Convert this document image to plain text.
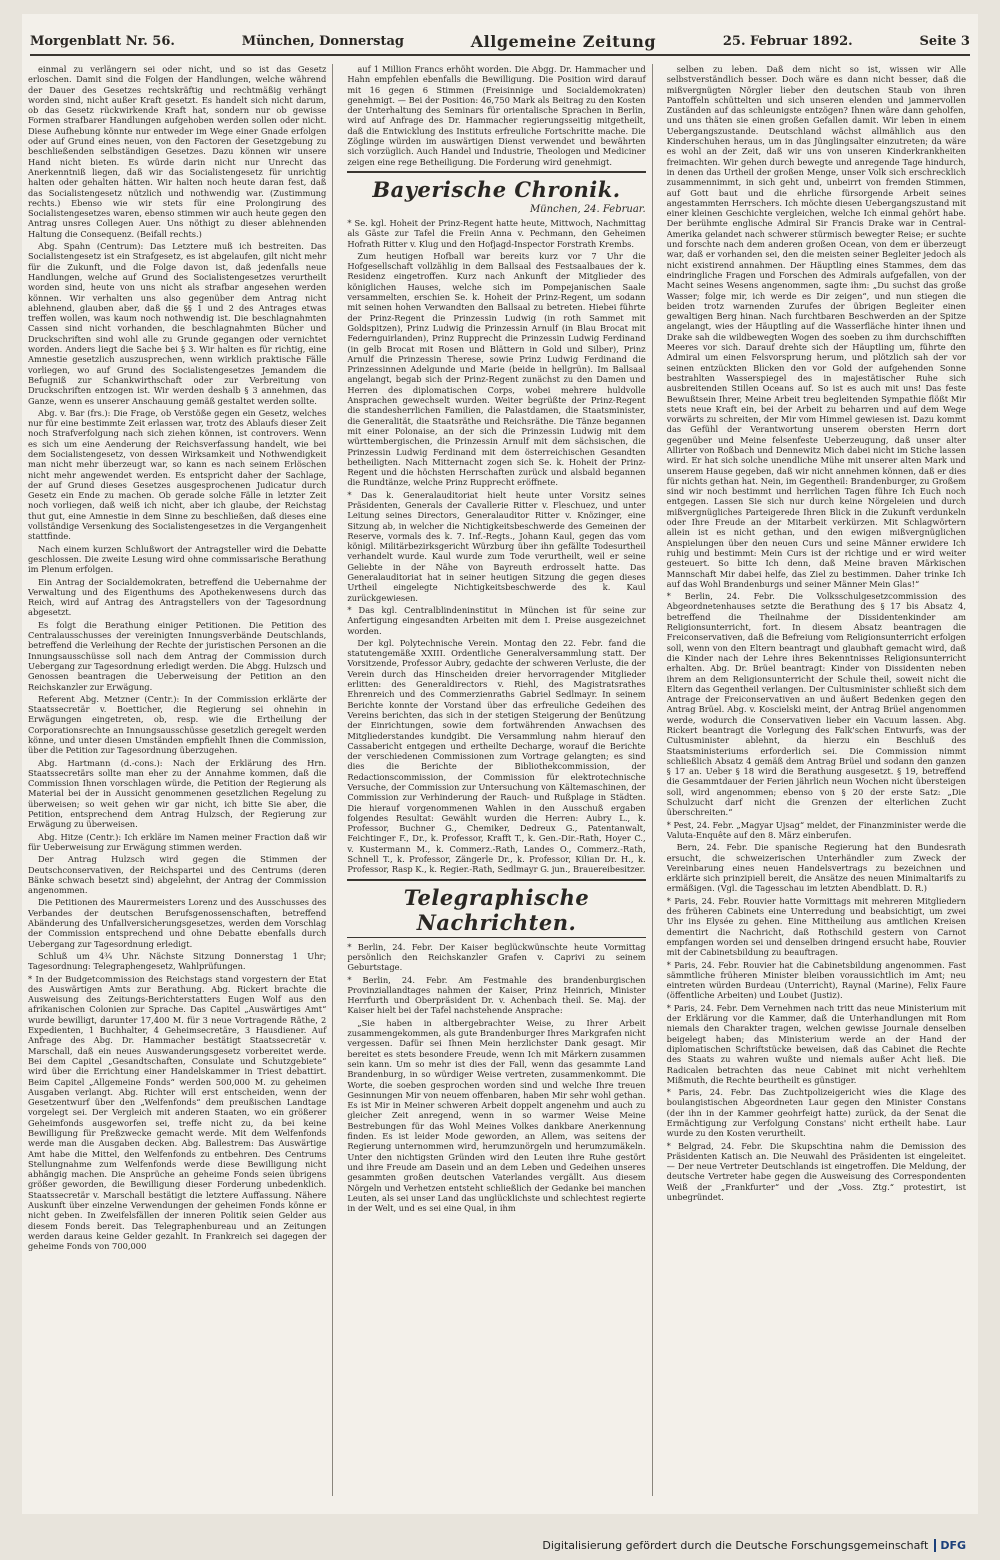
Morgenblatt Nr. 56.	München, Donnerstag	Allgemeine Zeitung	25. Februar 1892.	Seite 3

einmal zu verlängern sei oder nicht, und so ist das Gesetz erloschen. Damit sind die Folgen der Handlungen, welche während der Dauer des Gesetzes rechtskräftig und rechtmäßig verhängt worden sind, nicht außer Kraft gesetzt. Es handelt sich nicht darum, ob das Gesetz rückwirkende Kraft hat, sondern nur ob gewisse Formen strafbarer Handlungen aufgehoben werden sollen oder nicht. Diese Aufhebung könnte nur entweder im Wege einer Gnade erfolgen oder auf Grund eines neuen, von den Factoren der Gesetzgebung zu beschließenden selbständigen Gesetzes. Dazu können wir unsere Hand nicht bieten. Es würde darin nicht nur Unrecht das Anerkenntniß liegen, daß wir das Socialistengesetz für unrichtig halten oder gehalten hätten. Wir halten noch heute daran fest, daß das Socialistengesetz nützlich und nothwendig war. (Zustimmung rechts.) Ebenso wie wir stets für eine Prolongirung des Socialistengesetzes waren, ebenso stimmen wir auch heute gegen den Antrag unsres Collegen Auer. Uns nöthigt zu dieser ablehnenden Haltung die Consequenz. (Beifall rechts.)

Abg. Spahn (Centrum): Das Letztere muß ich bestreiten. Das Socialistengesetz ist ein Strafgesetz, es ist abgelaufen, gilt nicht mehr für die Zukunft, und die Folge davon ist, daß jedenfalls neue Handlungen, welche auf Grund des Socialistengesetzes verurtheilt worden sind, heute von uns nicht als strafbar angesehen werden können. Wir verhalten uns also gegenüber dem Antrag nicht ablehnend, glauben aber, daß die §§ 1 und 2 des Antrages etwas treffen wollen, was kaum noch nothwendig ist. Die beschlagnahmten Cassen sind nicht vorhanden, die beschlagnahmten Bücher und Druckschriften sind wohl alle zu Grunde gegangen oder vernichtet worden. Anders liegt die Sache bei § 3. Wir halten es für richtig, eine Amnestie gesetzlich auszusprechen, wenn wirklich praktische Fälle vorliegen, wo auf Grund des Socialistengesetzes Jemandem die Befugniß zur Schankwirthschaft oder zur Verbreitung von Druckschriften entzogen ist. Wir werden deshalb § 3 annehmen, das Ganze, wenn es unserer Anschauung gemäß gestaltet werden sollte.

Abg. v. Bar (frs.): Die Frage, ob Verstöße gegen ein Gesetz, welches nur für eine bestimmte Zeit erlassen war, trotz des Ablaufs dieser Zeit noch Strafverfolgung nach sich ziehen können, ist controvers. Wenn es sich um eine Aenderung der Reichsverfassung handelt, wie bei dem Socialistengesetz, von dessen Wirksamkeit und Nothwendigkeit man nicht mehr überzeugt war, so kann es nach seinem Erlöschen nicht mehr angewendet werden. Es entspricht daher der Sachlage, der auf Grund dieses Gesetzes ausgesprochenen Judicatur durch Gesetz ein Ende zu machen. Ob gerade solche Fälle in letzter Zeit noch vorliegen, daß weiß ich nicht, aber ich glaube, der Reichstag thut gut, eine Amnestie in dem Sinne zu beschließen, daß dieses eine vollständige Versenkung des Socialistengesetzes in die Vergangenheit stattfinde.

Nach einem kurzen Schlußwort der Antragsteller wird die Debatte geschlossen. Die zweite Lesung wird ohne commissarische Berathung im Plenum erfolgen.

Ein Antrag der Socialdemokraten, betreffend die Uebernahme der Verwaltung und des Eigenthums des Apothekenwesens durch das Reich, wird auf Antrag des Antragstellers von der Tagesordnung abgesetzt.

Es folgt die Berathung einiger Petitionen. Die Petition des Centralausschusses der vereinigten Innungsverbände Deutschlands, betreffend die Verleihung der Rechte der juristischen Personen an die Innungsausschüsse soll nach dem Antrag der Commission durch Uebergang zur Tagesordnung erledigt werden. Die Abgg. Hulzsch und Genossen beantragen die Ueberweisung der Petition an den Reichskanzler zur Erwägung.

Referent Abg. Metzner (Centr.): In der Commission erklärte der Staatssecretär v. Boetticher, die Regierung sei ohnehin in Erwägungen eingetreten, ob, resp. wie die Ertheilung der Corporationsrechte an Innungsausschüsse gesetzlich geregelt werden könne, und unter diesen Umständen empfiehlt Ihnen die Commission, über die Petition zur Tagesordnung überzugehen.

Abg. Hartmann (d.-cons.): Nach der Erklärung des Hrn. Staatssecretärs sollte man eher zu der Annahme kommen, daß die Commission Ihnen vorschlagen würde, die Petition der Regierung als Material bei der in Aussicht genommenen gesetzlichen Regelung zu überweisen; so weit gehen wir gar nicht, ich bitte Sie aber, die Petition, entsprechend dem Antrag Hulzsch, der Regierung zur Erwägung zu überweisen.

Abg. Hitze (Centr.): Ich erkläre im Namen meiner Fraction daß wir für Ueberweisung zur Erwägung stimmen werden.

Der Antrag Hulzsch wird gegen die Stimmen der Deutschconservativen, der Reichspartei und des Centrums (deren Bänke schwach besetzt sind) abgelehnt, der Antrag der Commission angenommen.

Die Petitionen des Maurermeisters Lorenz und des Ausschusses des Verbandes der deutschen Berufsgenossenschaften, betreffend Abänderung des Unfallversicherungsgesetzes, werden dem Vorschlag der Commission entsprechend und ohne Debatte ebenfalls durch Uebergang zur Tagesordnung erledigt.

Schluß um 4¾ Uhr. Nächste Sitzung Donnerstag 1 Uhr; Tagesordnung: Telegraphengesetz, Wahlprüfungen.

* In der Budgetcommission des Reichstags stand vorgestern der Etat des Auswärtigen Amts zur Berathung. Abg. Rickert brachte die Ausweisung des Zeitungs-Berichterstatters Eugen Wolf aus den afrikanischen Colonien zur Sprache. Das Capitel „Auswärtiges Amt“ wurde bewilligt, darunter 17,400 M. für 3 neue Vortragende Räthe, 2 Expedienten, 1 Buchhalter, 4 Geheimsecretäre, 3 Hausdiener. Auf Anfrage des Abg. Dr. Hammacher bestätigt Staatssecretär v. Marschall, daß ein neues Auswanderungsgesetz vorbereitet werde. Bei dem Capitel „Gesandtschaften, Consulate und Schutzgebiete“ wird über die Errichtung einer Handelskammer in Triest debattirt. Beim Capitel „Allgemeine Fonds“ werden 500,000 M. zu geheimen Ausgaben verlangt. Abg. Richter will erst entscheiden, wenn der Gesetzentwurf über den „Welfenfonds“ dem preußischen Landtage vorgelegt sei. Der Vergleich mit anderen Staaten, wo ein größerer Geheimfonds ausgeworfen sei, treffe nicht zu, da bei keine Bewilligung für Preßzwecke gemacht werde. Mit dem Welfenfonds werde man die Ausgaben decken. Abg. Ballestrem: Das Auswärtige Amt habe die Mittel, den Welfenfonds zu entbehren. Des Centrums Stellungnahme zum Welfenfonds werde diese Bewilligung nicht abhängig machen. Die Ansprüche an geheime Fonds seien übrigens größer geworden, die Bewilligung dieser Forderung unbedenklich. Staatssecretär v. Marschall bestätigt die letztere Auffassung. Nähere Auskunft über einzelne Verwendungen der geheimen Fonds könne er nicht geben. In Zweifelsfällen der inneren Politik seien Gelder aus diesem Fonds bereit. Das Telegraphenbureau und an Zeitungen werden daraus keine Gelder gezahlt. In Frankreich sei dagegen der geheime Fonds von 700,000

auf 1 Million Francs erhöht worden. Die Abgg. Dr. Hammacher und Hahn empfehlen ebenfalls die Bewilligung. Die Position wird darauf mit 16 gegen 6 Stimmen (Freisinnige und Socialdemokraten) genehmigt. — Bei der Position: 46,750 Mark als Beitrag zu den Kosten der Unterhaltung des Seminars für orientalische Sprachen in Berlin, wird auf Anfrage des Dr. Hammacher regierungsseitig mitgetheilt, daß die Entwicklung des Instituts erfreuliche Fortschritte mache. Die Zöglinge würden im auswärtigen Dienst verwendet und bewährten sich vorzüglich. Auch Handel und Industrie, Theologen und Mediciner zeigen eine rege Betheiligung. Die Forderung wird genehmigt.

Bayerische Chronik.
München, 24. Februar.

* Se. kgl. Hoheit der Prinz-Regent hatte heute, Mittwoch, Nachmittag als Gäste zur Tafel die Freiin Anna v. Pechmann, den Geheimen Hofrath Ritter v. Klug und den Hofjagd-Inspector Forstrath Krembs.

Zum heutigen Hofball war bereits kurz vor 7 Uhr die Hofgesellschaft vollzählig in dem Ballsaal des Festsaalbaues der k. Residenz eingetroffen. Kurz nach Ankunft der Mitglieder des königlichen Hauses, welche sich im Pompejanischen Saale versammelten, erschien Se. k. Hoheit der Prinz-Regent, um sodann mit seinen hohen Verwandten den Ballsaal zu betreten. Hiebei führte der Prinz-Regent die Prinzessin Ludwig (in roth Sammet mit Goldspitzen), Prinz Ludwig die Prinzessin Arnulf (in Blau Brocat mit Federnguirlanden), Prinz Rupprecht die Prinzessin Ludwig Ferdinand (in gelb Brocat mit Rosen und Blättern in Gold und Silber), Prinz Arnulf die Prinzessin Therese, sowie Prinz Ludwig Ferdinand die Prinzessinnen Adelgunde und Marie (beide in hellgrün). Im Ballsaal angelangt, begab sich der Prinz-Regent zunächst zu den Damen und Herren des diplomatischen Corps, wobei mehrere huldvolle Ansprachen gewechselt wurden. Weiter begrüßte der Prinz-Regent die standesherrlichen Familien, die Palastdamen, die Staatsminister, die Generalität, die Staatsräthe und Reichsräthe. Die Tänze begannen mit einer Polonaise, an der sich die Prinzessin Ludwig mit dem württembergischen, die Prinzessin Arnulf mit dem sächsischen, die Prinzessin Ludwig Ferdinand mit dem österreichischen Gesandten betheiligten. Nach Mitternacht zogen sich Se. k. Hoheit der Prinz-Regent und die höchsten Herrschaften zurück und alsbald begannen die Rundtänze, welche Prinz Rupprecht eröffnete.

* Das k. Generalauditoriat hielt heute unter Vorsitz seines Präsidenten, Generals der Cavallerie Ritter v. Fleschuez, und unter Leitung seines Directors, Generalauditor Ritter v. Knözinger, eine Sitzung ab, in welcher die Nichtigkeitsbeschwerde des Gemeinen der Reserve, vormals des k. 7. Inf.-Regts., Johann Kaul, gegen das vom königl. Militärbezirksgericht Würzburg über ihn gefällte Todesurtheil verhandelt wurde. Kaul wurde zum Tode verurtheilt, weil er seine Geliebte in der Nähe von Bayreuth erdrosselt hatte. Das Generalauditoriat hat in seiner heutigen Sitzung die gegen dieses Urtheil eingelegte Nichtigkeitsbeschwerde des k. Kaul zurückgewiesen.

* Das kgl. Centralblindeninstitut in München ist für seine zur Anfertigung eingesandten Arbeiten mit dem I. Preise ausgezeichnet worden.

Der kgl. Polytechnische Verein. Montag den 22. Febr. fand die statutengemäße XXIII. Ordentliche Generalversammlung statt. Der Vorsitzende, Professor Aubry, gedachte der schweren Verluste, die der Verein durch das Hinscheiden dreier hervorragender Mitglieder erlitten: des Generaldirectors v. Riehl, des Magistratsrathes Ehrenreich und des Commerzienraths Gabriel Sedlmayr. In seinem Berichte konnte der Vorstand über das erfreuliche Gedeihen des Vereins berichten, das sich in der stetigen Steigerung der Benützung der Einrichtungen, sowie dem fortwährenden Anwachsen des Mitgliederstandes kundgibt. Die Versammlung nahm hierauf den Cassabericht entgegen und ertheilte Decharge, worauf die Berichte der verschiedenen Commissionen zum Vortrage gelangten; es sind dies die Berichte der Bibliothekcommission, der Redactionscommission, der Commission für elektrotechnische Versuche, der Commission zur Untersuchung von Kältemaschinen, der Commission zur Verhinderung der Rauch- und Rußplage in Städten. Die hierauf vorgenommenen Wahlen in den Ausschuß ergaben folgendes Resultat: Gewählt wurden die Herren: Aubry L., k. Professor, Buchner G., Chemiker, Dedreux G., Patentanwalt, Feichtinger F., Dr., k. Professor, Krafft T., k. Gen.-Dir.-Rath, Hoyer C., v. Kustermann M., k. Commerz.-Rath, Landes O., Commerz.-Rath, Schnell T., k. Professor, Zängerle Dr., k. Professor, Kilian Dr. H., k. Professor, Rasp K., k. Regier.-Rath, Sedlmayr G. jun., Brauereibesitzer.

Telegraphische Nachrichten.

* Berlin, 24. Febr. Der Kaiser beglückwünschte heute Vormittag persönlich den Reichskanzler Grafen v. Caprivi zu seinem Geburtstage.

* Berlin, 24. Febr. Am Festmahle des brandenburgischen Provinziallandtages nahmen der Kaiser, Prinz Heinrich, Minister Herrfurth und Oberpräsident Dr. v. Achenbach theil. Se. Maj. der Kaiser hielt bei der Tafel nachstehende Ansprache:

„Sie haben in altbergebrachter Weise, zu Ihrer Arbeit zusammengekommen, als gute Brandenburger Ihres Markgrafen nicht vergessen. Dafür sei Ihnen Mein herzlichster Dank gesagt. Mir bereitet es stets besondere Freude, wenn Ich mit Märkern zusammen sein kann. Um so mehr ist dies der Fall, wenn das gesammte Land Brandenburg, in so würdiger Weise vertreten, zusammenkommt. Die Worte, die soeben gesprochen worden sind und welche Ihre treuen Gesinnungen Mir von neuem offenbaren, haben Mir sehr wohl gethan. Es ist Mir in Meiner schweren Arbeit doppelt angenehm und auch zu gleicher Zeit anregend, wenn in so warmer Weise Meine Bestrebungen für das Wohl Meines Volkes dankbare Anerkennung finden. Es ist leider Mode geworden, an Allem, was seitens der Regierung unternommen wird, herumzunörgeln und herumzumäkeln. Unter den nichtigsten Gründen wird den Leuten ihre Ruhe gestört und ihre Freude am Dasein und an dem Leben und Gedeihen unseres gesammten großen deutschen Vaterlandes vergällt. Aus diesem Nörgeln und Verhetzen entsteht schließlich der Gedanke bei manchen Leuten, als sei unser Land das unglücklichste und schlechtest regierte in der Welt, und es sei eine Qual, in ihm

selben zu leben. Daß dem nicht so ist, wissen wir Alle selbstverständlich besser. Doch wäre es dann nicht besser, daß die mißvergnügten Nörgler lieber den deutschen Staub von ihren Pantoffeln schüttelten und sich unseren elenden und jammervollen Zuständen auf das schleunigste entzögen? Ihnen wäre dann geholfen, und uns thäten sie einen großen Gefallen damit. Wir leben in einem Uebergangszustande. Deutschland wächst allmählich aus den Kinderschuhen heraus, um in das Jünglingsalter einzutreten; da wäre es wohl an der Zeit, daß wir uns von unseren Kinderkrankheiten freimachten. Wir gehen durch bewegte und anregende Tage hindurch, in denen das Urtheil der großen Menge, unser Volk sich erschrecklich zusammennimmt, in sich geht und, unbeirrt von fremden Stimmen, auf Gott baut und die ehrliche fürsorgende Arbeit seines angestammten Herrschers. Ich möchte diesen Uebergangszustand mit einer kleinen Geschichte vergleichen, welche Ich einmal gehört habe. Der berühmte englische Admiral Sir Francis Drake war in Central-Amerika gelandet nach schwerer stürmisch bewegter Reise; er suchte und forschte nach dem anderen großen Ocean, von dem er überzeugt war, daß er vorhanden sei, den die meisten seiner Begleiter jedoch als nicht existirend annahmen. Der Häuptling eines Stammes, dem das eindringliche Fragen und Forschen des Admirals aufgefallen, von der Macht seines Wesens angenommen, sagte ihm: „Du suchst das große Wasser; folge mir, ich werde es Dir zeigen“, und nun stiegen die beiden trotz warnenden Zurufes der übrigen Begleiter einen gewaltigen Berg hinan. Nach furchtbaren Beschwerden an der Spitze angelangt, wies der Häuptling auf die Wasserfläche hinter ihnen und Drake sah die wildbewegten Wogen des soeben zu ihm durchschifften Meeres vor sich. Darauf drehte sich der Häuptling um, führte den Admiral um einen Felsvorsprung herum, und plötzlich sah der vor seinen entzückten Blicken den vor Gold der aufgehenden Sonne bestrahlten Wasserspiegel des in majestätischer Ruhe sich ausbreitenden Stillen Oceans auf. So ist es auch mit uns! Das feste Bewußtsein Ihrer, Meine Arbeit treu begleitenden Sympathie flößt Mir stets neue Kraft ein, bei der Arbeit zu beharren und auf dem Wege vorwärts zu schreiten, der Mir vom Himmel gewiesen ist. Dazu kommt das Gefühl der Verantwortung unserem obersten Herrn dort gegenüber und Meine felsenfeste Ueberzeugung, daß unser alter Allirter von Roßbach und Dennewitz Mich dabei nicht im Stiche lassen wird. Er hat sich solche unendliche Mühe mit unserer alten Mark und unserem Hause gegeben, daß wir nicht annehmen können, daß er dies für nichts gethan hat. Nein, im Gegentheil: Brandenburger, zu Großem sind wir noch bestimmt und herrlichen Tagen führe Ich Euch noch entgegen. Lassen Sie sich nur durch keine Nörgeleien und durch mißvergnügliches Parteigerede Ihren Blick in die Zukunft verdunkeln oder Ihre Freude an der Mitarbeit verkürzen. Mit Schlagwörtern allein ist es nicht gethan, und den ewigen mißvergnüglichen Anspielungen über den neuen Curs und seine Männer erwidere Ich ruhig und bestimmt: Mein Curs ist der richtige und er wird weiter gesteuert. So bitte Ich denn, daß Meine braven Märkischen Mannschaft Mir dabei helfe, das Ziel zu bestimmen. Daher trinke Ich auf das Wohl Brandenburgs und seiner Männer Mein Glas!“

* Berlin, 24. Febr. Die Volksschulgesetzcommission des Abgeordnetenhauses setzte die Berathung des § 17 bis Absatz 4, betreffend die Theilnahme der Dissidentenkinder am Religionsunterricht, fort. In diesem Absatz beantragen die Freiconservativen, daß die Befreiung vom Religionsunterricht erfolgen soll, wenn von den Eltern beantragt und glaubhaft gemacht wird, daß die Kinder nach der Lehre ihres Bekenntnisses Religionsunterricht erhalten. Abg. Dr. Brüel beantragt: Kinder von Dissidenten neben ihrem an dem Religionsunterricht der Schule theil, soweit nicht die Eltern das Gegentheil verlangen. Der Cultusminister schließt sich dem Antrage der Freiconservativen an und äußert Bedenken gegen den Antrag Brüel. Abg. v. Koscielski meint, der Antrag Brüel angenommen werde, wodurch die Conservativen lieber ein Vacuum lassen. Abg. Rickert beantragt die Vorlegung des Falk'schen Entwurfs, was der Cultusminister ablehnt, da hierzu ein Beschluß des Staatsministeriums erforderlich sei. Die Commission nimmt schließlich Absatz 4 gemäß dem Antrag Brüel und sodann den ganzen § 17 an. Ueber § 18 wird die Berathung ausgesetzt. § 19, betreffend die Gesammtdauer der Ferien jährlich neun Wochen nicht übersteigen soll, wird angenommen; ebenso von § 20 der erste Satz: „Die Schulzucht darf nicht die Grenzen der elterlichen Zucht überschreiten.“

* Pest, 24. Febr. „Magyar Ujsag“ meldet, der Finanzminister werde die Valuta-Enquête auf den 8. März einberufen.

Bern, 24. Febr. Die spanische Regierung hat den Bundesrath ersucht, die schweizerischen Unterhändler zum Zweck der Vereinbarung eines neuen Handelsvertrags zu bezeichnen und erklärte sich prinzipiell bereit, die Ansätze des neuen Minimaltarifs zu ermäßigen. (Vgl. die Tagesschau im letzten Abendblatt. D. R.)

* Paris, 24. Febr. Rouvier hatte Vormittags mit mehreren Mitgliedern des früheren Cabinets eine Unterredung und beabsichtigt, um zwei Uhr ins Elysée zu gehen. Eine Mittheilung aus amtlichen Kreisen dementirt die Nachricht, daß Rothschild gestern von Carnot empfangen worden sei und denselben dringend ersucht habe, Rouvier mit der Cabinetsbildung zu beauftragen.

* Paris, 24. Febr. Rouvier hat die Cabinetsbildung angenommen. Fast sämmtliche früheren Minister bleiben voraussichtlich im Amt; neu eintreten würden Burdeau (Unterricht), Raynal (Marine), Felix Faure (öffentliche Arbeiten) und Loubet (Justiz).

* Paris, 24. Febr. Dem Vernehmen nach tritt das neue Ministerium mit der Erklärung vor die Kammer, daß die Unterhandlungen mit Rom niemals den Charakter tragen, welchen gewisse Journale denselben beigelegt haben; das Ministerium werde an der Hand der diplomatischen Schriftstücke beweisen, daß das Cabinet die Rechte des Staats zu wahren wußte und niemals außer Acht ließ. Die Radicalen betrachten das neue Cabinet mit nicht verhehltem Mißmuth, die Rechte beurtheilt es günstiger.

* Paris, 24. Febr. Das Zuchtpolizeigericht wies die Klage des boulangistischen Abgeordneten Laur gegen den Minister Constans (der ihn in der Kammer geohrfeigt hatte) zurück, da der Senat die Ermächtigung zur Verfolgung Constans' nicht ertheilt habe. Laur wurde zu den Kosten verurtheilt.

* Belgrad, 24. Febr. Die Skupschtina nahm die Demission des Präsidenten Katisch an. Die Neuwahl des Präsidenten ist eingeleitet. — Der neue Vertreter Deutschlands ist eingetroffen. Die Meldung, der deutsche Vertreter habe gegen die Ausweisung des Correspondenten Weiß der „Frankfurter“ und der „Voss. Ztg.“ protestirt, ist unbegründet.

Digitalisierung gefördert durch die Deutsche Forschungsgemeinschaft	DFG
